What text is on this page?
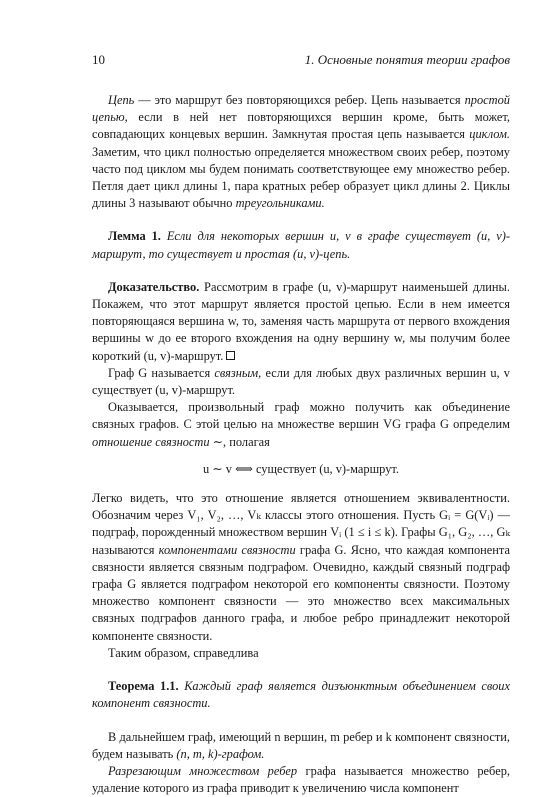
10	1. Основные понятия теории графов

Цепь — это маршрут без повторяющихся ребер. Цепь называется простой цепью, если в ней нет повторяющихся вершин кроме, быть может, совпадающих концевых вершин. Замкнутая простая цепь называется циклом. Заметим, что цикл полностью определяется множеством своих ребер, поэтому часто под циклом мы будем понимать соответствующее ему множество ребер. Петля дает цикл длины 1, пара кратных ребер образует цикл длины 2. Циклы длины 3 называют обычно треугольниками.

Лемма 1. Если для некоторых вершин u, v в графе существует (u, v)-маршрут, то существует и простая (u, v)-цепь.

Доказательство. Рассмотрим в графе (u, v)-маршрут наименьшей длины. Покажем, что этот маршрут является простой цепью. Если в нем имеется повторяющаяся вершина w, то, заменяя часть маршрута от первого вхождения вершины w до ее второго вхождения на одну вершину w, мы получим более короткий (u, v)-маршрут.

Граф G называется связным, если для любых двух различных вершин u, v существует (u, v)-маршрут.

Оказывается, произвольный граф можно получить как объединение связных графов. С этой целью на множестве вершин VG графа G определим отношение связности ∼, полагая

u ∼ v ⟺ существует (u, v)-маршрут.

Легко видеть, что это отношение является отношением эквивалентности. Обозначим через V₁, V₂, …, Vₖ классы этого отношения. Пусть Gᵢ = G(Vᵢ) — подграф, порожденный множеством вершин Vᵢ (1 ≤ i ≤ k). Графы G₁, G₂, …, Gₖ называются компонентами связности графа G. Ясно, что каждая компонента связности является связным подграфом. Очевидно, каждый связный подграф графа G является подграфом некоторой его компоненты связности. Поэтому множество компонент связности — это множество всех максимальных связных подграфов данного графа, и любое ребро принадлежит некоторой компоненте связности.

Таким образом, справедлива

Теорема 1.1. Каждый граф является дизъюнктным объединением своих компонент связности.

В дальнейшем граф, имеющий n вершин, m ребер и k компонент связности, будем называть (n, m, k)-графом.

Разрезающим множеством ребер графа называется множество ребер, удаление которого из графа приводит к увеличению числа компонент
